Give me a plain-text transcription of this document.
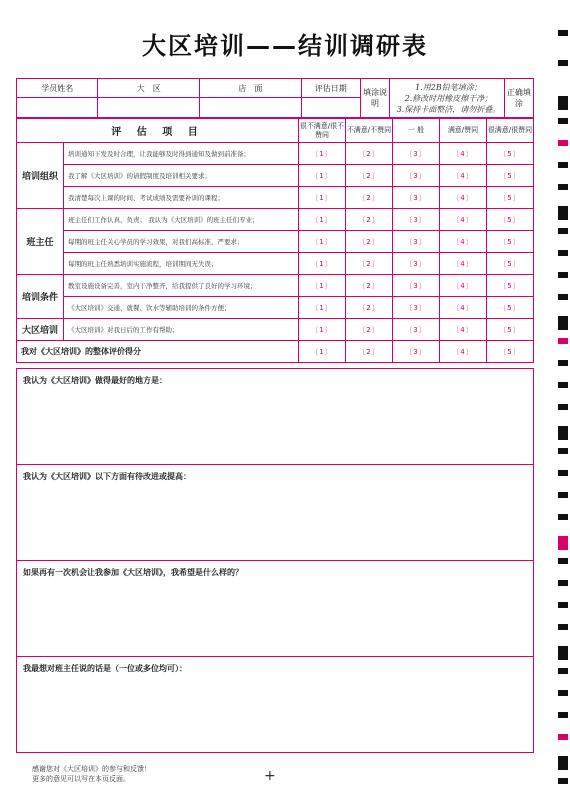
大区培训——结训调研表
学员姓名	大　区	店　面	评估日期	填涂说明	1.用2B铅笔填涂；
2.修改时用橡皮擦干净；
3.保持卡面整洁，请勿折叠。	正确填涂

评 估 项 目		很不满意/很不赞同	不满意/不赞同	一 般	满意/赞同	很满意/很赞同
培训组织	培训通知下发及时合理，让我能够及时得到通知及做到前准备；	〔1〕	〔2〕	〔3〕	〔4〕	〔5〕
	我了解《大区培训》的请假制度及培训相关要求；	〔1〕	〔2〕	〔3〕	〔4〕	〔5〕
	我清楚每次上课的时间、考试成绩及需要补训的课程；	〔1〕	〔2〕	〔3〕	〔4〕	〔5〕
班主任	班主任们工作认真、负责； 我认为《大区培训》的班主任们专业；	〔1〕	〔2〕	〔3〕	〔4〕	〔5〕
	每期的班主任关心学员的学习效果，对我们高标准，严要求；	〔1〕	〔2〕	〔3〕	〔4〕	〔5〕
	每期的班主任熟悉培训实施流程，培训期间无失误；	〔1〕	〔2〕	〔3〕	〔4〕	〔5〕
培训条件	教室设施设备完善，室内干净整齐，给我提供了良好的学习环境；	〔1〕	〔2〕	〔3〕	〔4〕	〔5〕
	《大区培训》交通、就餐、饮水等辅助培训的条件方便；	〔1〕	〔2〕	〔3〕	〔4〕	〔5〕
大区培训	《大区培训》对我日后的工作有帮助；	〔1〕	〔2〕	〔3〕	〔4〕	〔5〕
我对《大区培训》的整体评价得分		〔1〕	〔2〕	〔3〕	〔4〕	〔5〕
我认为《大区培训》做得最好的地方是：
我认为《大区培训》以下方面有待改进或提高：
如果再有一次机会让我参加《大区培训》，我希望是什么样的？
我最想对班主任说的话是（一位或多位均可）：
感谢您对《大区培训》的参与和反馈！
更多的意见可以写在本页反面。	+
